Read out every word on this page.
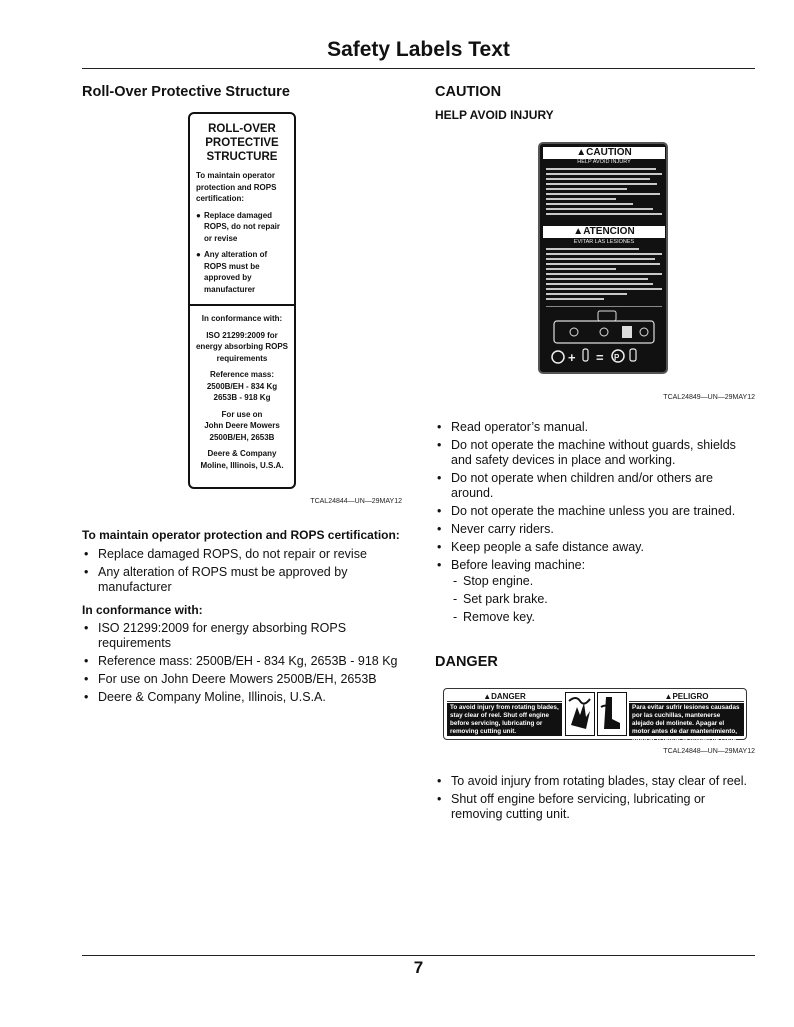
Safety Labels Text
Roll-Over Protective Structure
ROLL-OVER
PROTECTIVE
STRUCTURE
To maintain operator protection and ROPS certification:
● Replace damaged ROPS, do not repair or revise
● Any alteration of ROPS must be approved by manufacturer

In conformance with:

ISO 21299:2009 for energy absorbing ROPS requirements

Reference mass:

2500B/EH - 834 Kg

2653B - 918 Kg

For use on

John Deere Mowers 2500B/EH, 2653B

Deere & Company

Moline, Illinois, U.S.A.

TCAL24844—UN—29MAY12
To maintain operator protection and ROPS certification:
• Replace damaged ROPS, do not repair or revise
• Any alteration of ROPS must be approved by manufacturer
In conformance with:
• ISO 21299:2009 for energy absorbing ROPS requirements
• Reference mass: 2500B/EH - 834 Kg, 2653B - 918 Kg
• For use on John Deere Mowers 2500B/EH, 2653B
• Deere & Company Moline, Illinois, U.S.A.
CAUTION
HELP AVOID INJURY
▲CAUTION
HELP AVOID INJURY
▲ATENCION
EVITAR LAS LESIONES
+ = P
TCAL24849—UN—29MAY12
• Read operator’s manual.
• Do not operate the machine without guards, shields and safety devices in place and working.
• Do not operate when children and/or others are around.
• Do not operate the machine unless you are trained.
• Never carry riders.
• Keep people a safe distance away.
• Before leaving machine:
- Stop engine.
- Set park brake.
- Remove key.
DANGER
▲DANGER
To avoid injury from rotating blades, stay clear of reel. Shut off engine before servicing, lubricating or removing cutting unit.
▲PELIGRO
Para evitar sufrir lesiones causadas por las cuchillas, mantenerse alejado del molinete. Apagar el motor antes de dar mantenimiento, lubricar o retirar la unidad de corte.
TCAL24848—UN—29MAY12
• To avoid injury from rotating blades, stay clear of reel.
• Shut off engine before servicing, lubricating or removing cutting unit.
7
